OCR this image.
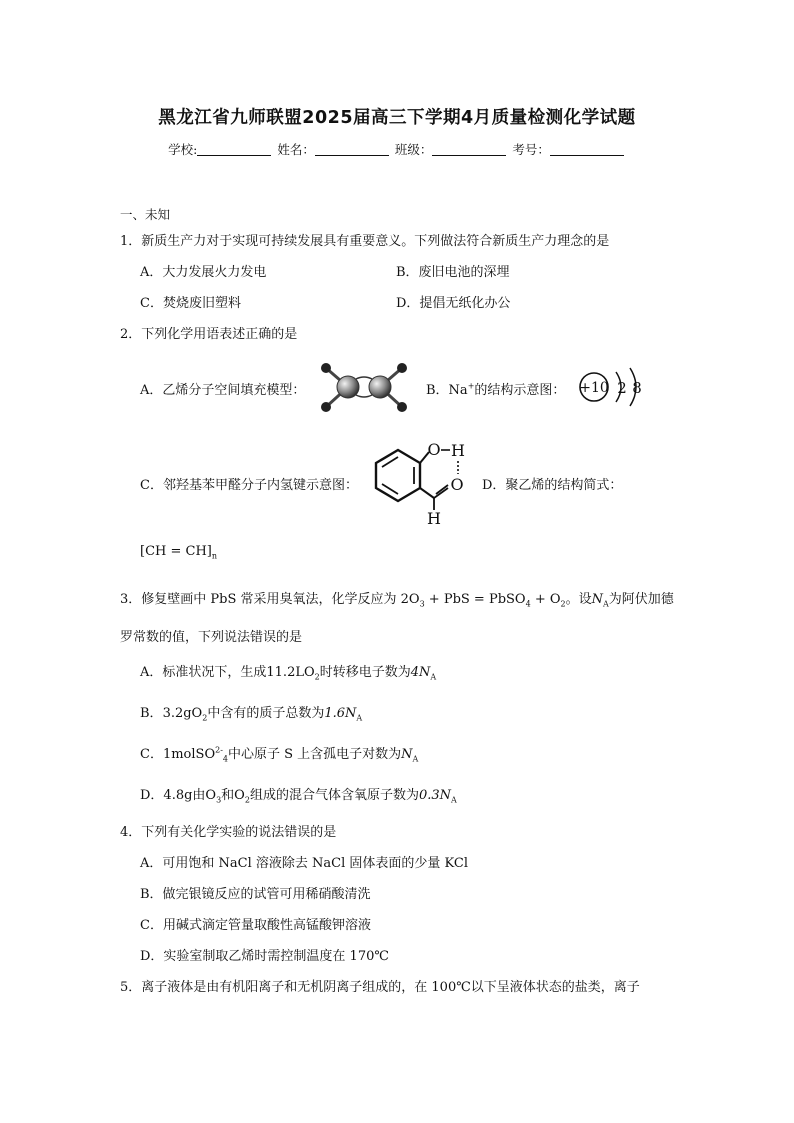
黑龙江省九师联盟2025届高三下学期4月质量检测化学试题
学校:	姓名：	班级：	考号：
一、未知
1．新质生产力对于实现可持续发展具有重要意义。下列做法符合新质生产力理念的是
A．大力发展火力发电	B．废旧电池的深埋
C．焚烧废旧塑料	D．提倡无纸化办公
2．下列化学用语表述正确的是
A．乙烯分子空间填充模型：	B．Na+的结构示意图： +10 2 8
C．邻羟基苯甲醛分子内氢键示意图：
O H
O
H
D．聚乙烯的结构简式：
$[CH = CH]_n$
3．修复壁画中 PbS 常采用臭氧法，化学反应为 $2O_3$ + PbS = PbSO$_4$ + $O_2$。设$N_A$为阿伏加德
罗常数的值，下列说法错误的是
A．标准状况下，生成$11.2LO_2$时转移电子数为$4N_A$
B．$3.2gO_2$中含有的质子总数为$1.6N_A$
C．1molSO$^{2-}_4$中心原子 S 上含孤电子对数为$N_A$
D．4.8g由$O_3$和$O_2$组成的混合气体含氧原子数为$0.3N_A$
4．下列有关化学实验的说法错误的是
A．可用饱和 NaCl 溶液除去 NaCl 固体表面的少量 KCl
B．做完银镜反应的试管可用稀硝酸清洗
C．用碱式滴定管量取酸性高锰酸钾溶液
D．实验室制取乙烯时需控制温度在 170℃
5．离子液体是由有机阳离子和无机阴离子组成的，在 100℃以下呈液体状态的盐类，离子
